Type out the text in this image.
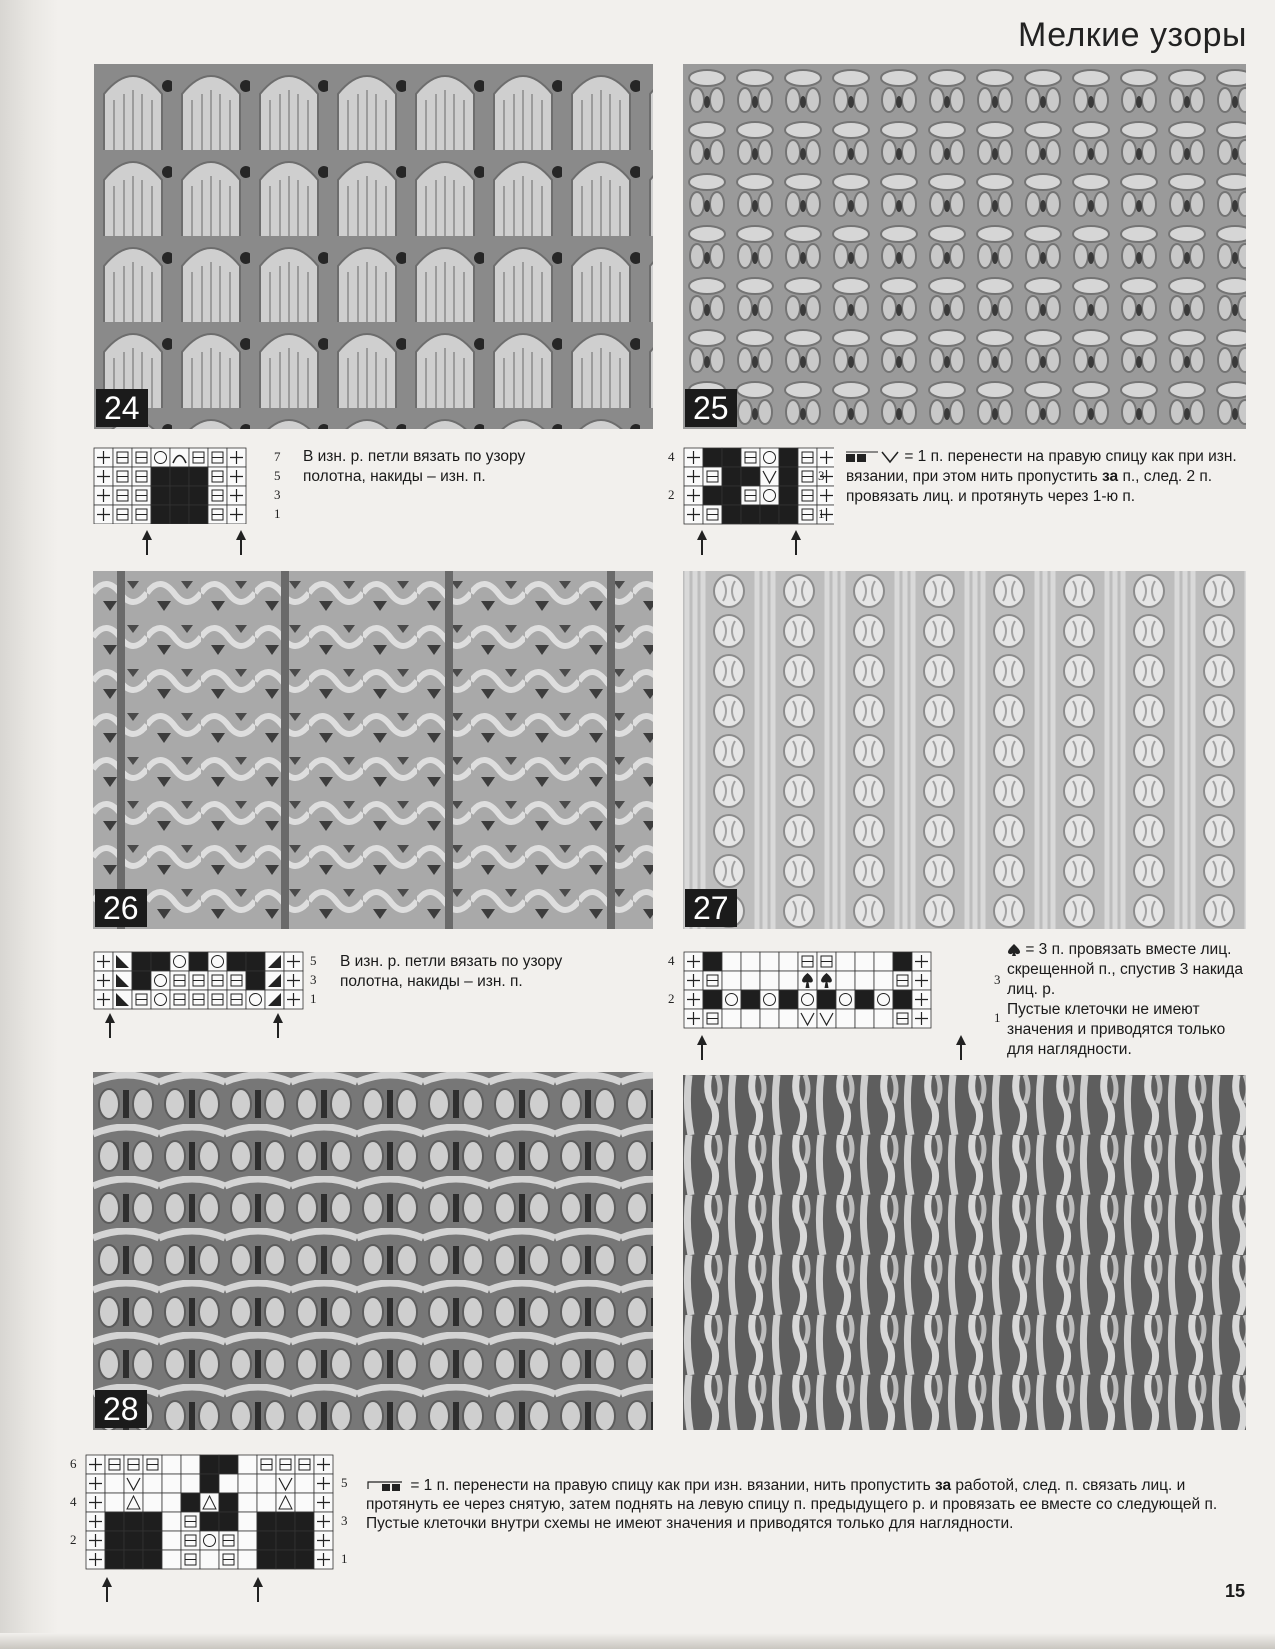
Мелкие узоры
24
7
5
3
1

В изн. р. петли вязать по узору полотна, накиды – изн. п.

25
4
2
3
1
= 1 п. перенести на правую спицу как при изн. вязании, при этом нить пропустить за п., след. 2 п. провязать лиц. и протянуть через 1-ю п.
26
5
3
1

В изн. р. петли вязать по узору полотна, накиды – изн. п.

27
4
2
3
1

= 3 п. провязать вместе лиц. скрещенной п., спустив 3 накида лиц. р.

Пустые клеточки не имеют значения и приводятся только для наглядности.

28
6
4
2
5
3
1

= 1 п. перенести на правую спицу как при изн. вязании, нить пропустить за работой, след. п. связать лиц. и протянуть ее через снятую, затем поднять на левую спицу п. предыдущего р. и провязать ее вместе со следующей п.

Пустые клеточки внутри схемы не имеют значения и приводятся только для наглядности.

15
